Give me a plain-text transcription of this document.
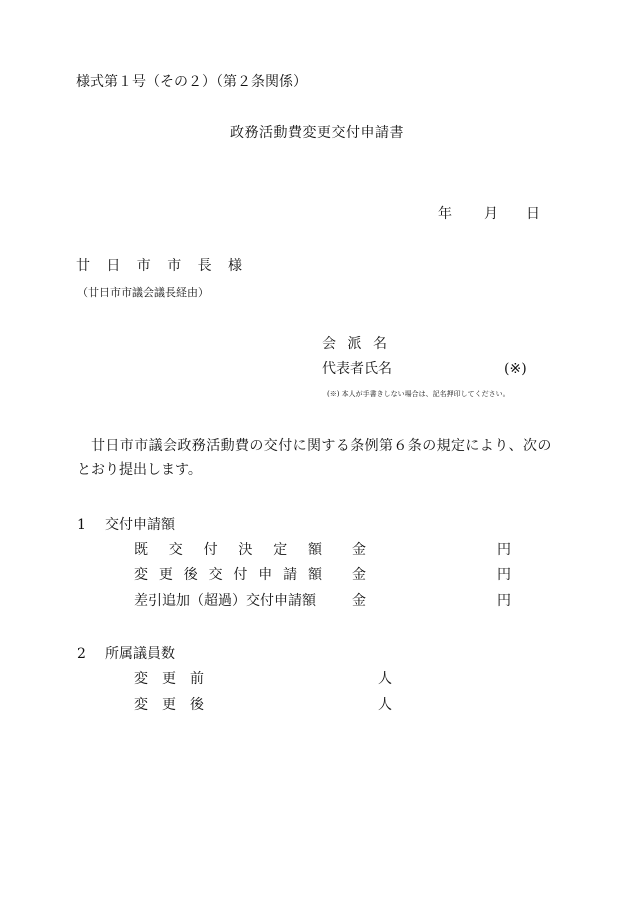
様式第１号（その２）（第２条関係）
政務活動費変更交付申請書
年 月 日
廿日市市長様
（廿日市市議会議長経由）
会派名
代表者氏名	(※)
(※) 本人が手書きしない場合は、記名押印してください。
廿日市市議会政務活動費の交付に関する条例第６条の規定により、次の
とおり提出します。
1 交付申請額
既交付決定額 金	円
変更後交付申請額 金	円
差引追加（超過）交付申請額	金	円
2 所属議員数
変更前	人
変更後	人
